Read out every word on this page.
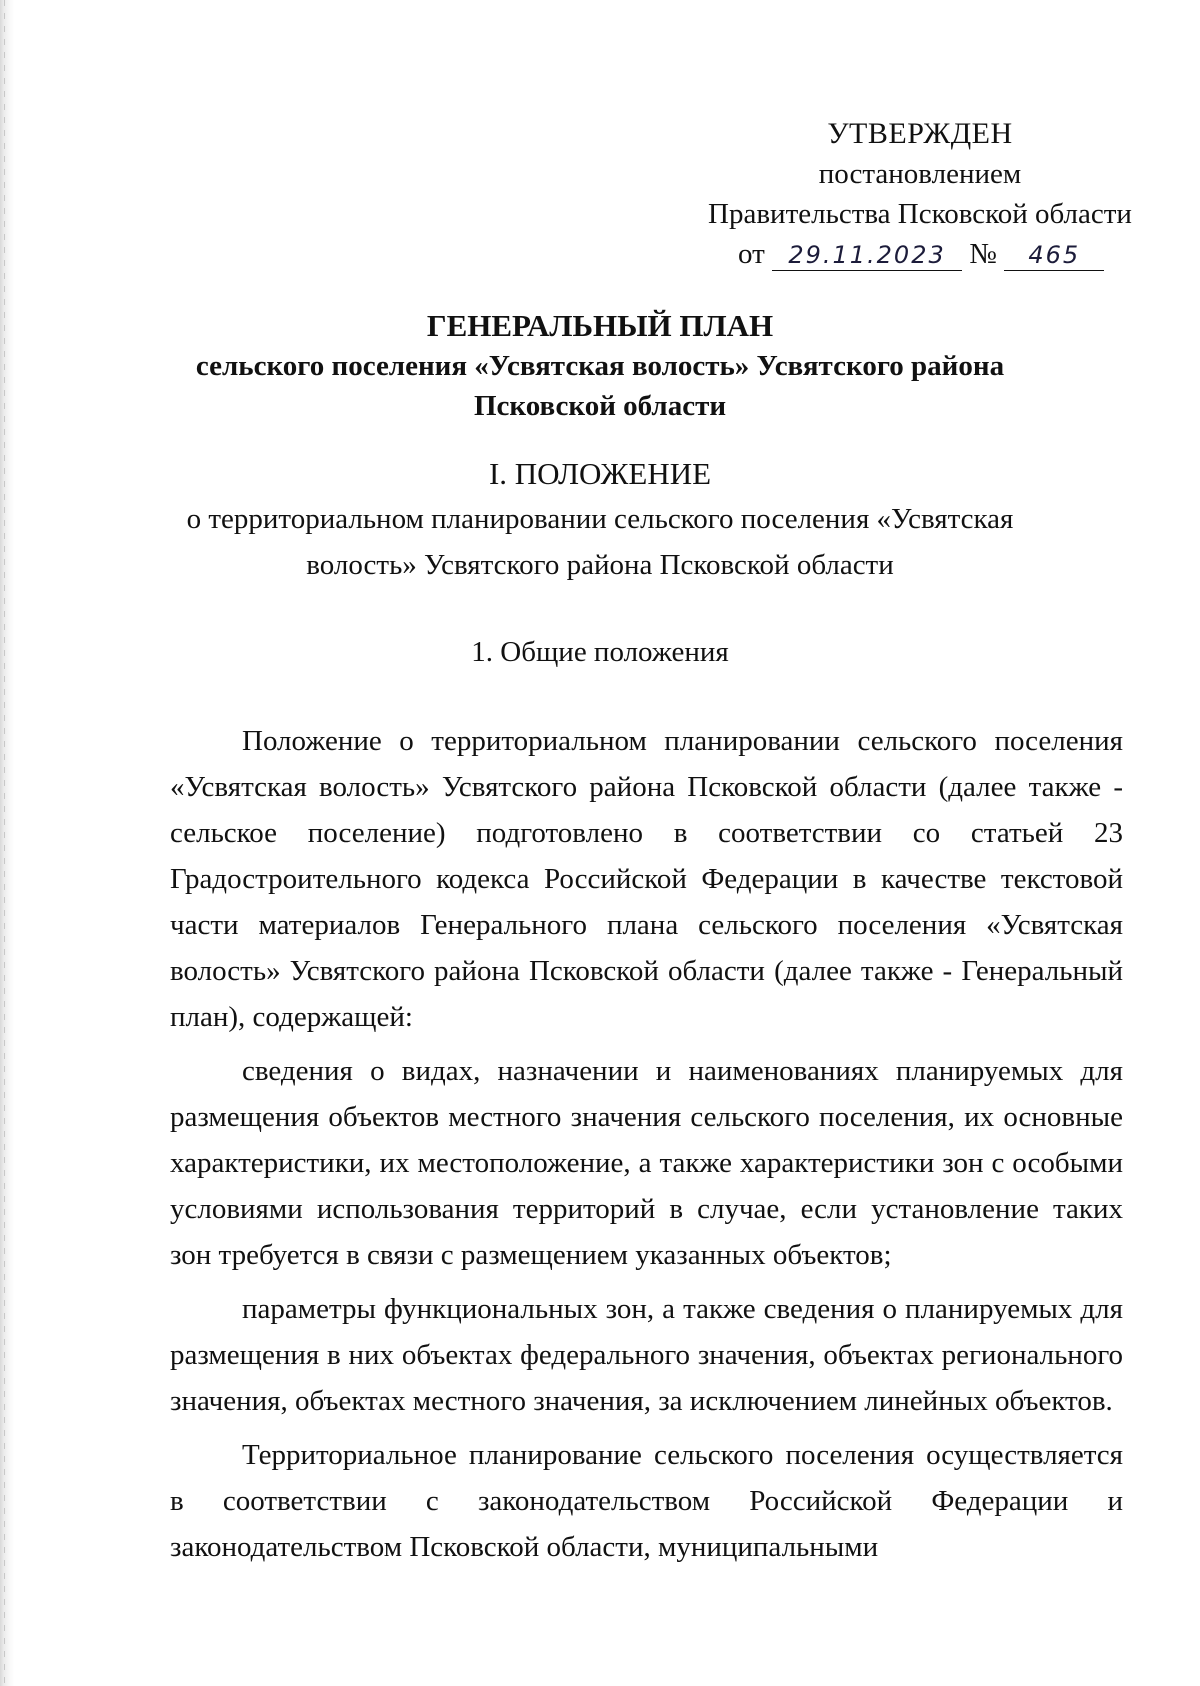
УТВЕРЖДЕН
постановлением
Правительства Псковской области
от 29.11.2023 № 465
ГЕНЕРАЛЬНЫЙ ПЛАН
сельского поселения «Усвятская волость» Усвятского района
Псковской области
I. ПОЛОЖЕНИЕ
о территориальном планировании сельского поселения «Усвятская
волость» Усвятского района Псковской области
1. Общие положения

Положение о территориальном планировании сельского поселения «Усвятская волость» Усвятского района Псковской области (далее также - сельское поселение) подготовлено в соответствии со статьей 23 Градостроительного кодекса Российской Федерации в качестве текстовой части материалов Генерального плана сельского поселения «Усвятская волость» Усвятского района Псковской области (далее также - Генеральный план), содержащей:

сведения о видах, назначении и наименованиях планируемых для размещения объектов местного значения сельского поселения, их основные характеристики, их местоположение, а также характеристики зон с особыми условиями использования территорий в случае, если установление таких зон требуется в связи с размещением указанных объектов;

параметры функциональных зон, а также сведения о планируемых для размещения в них объектах федерального значения, объектах регионального значения, объектах местного значения, за исключением линейных объектов.

Территориальное планирование сельского поселения осуществляется в соответствии с законодательством Российской Федерации и законодательством Псковской области, муниципальными
